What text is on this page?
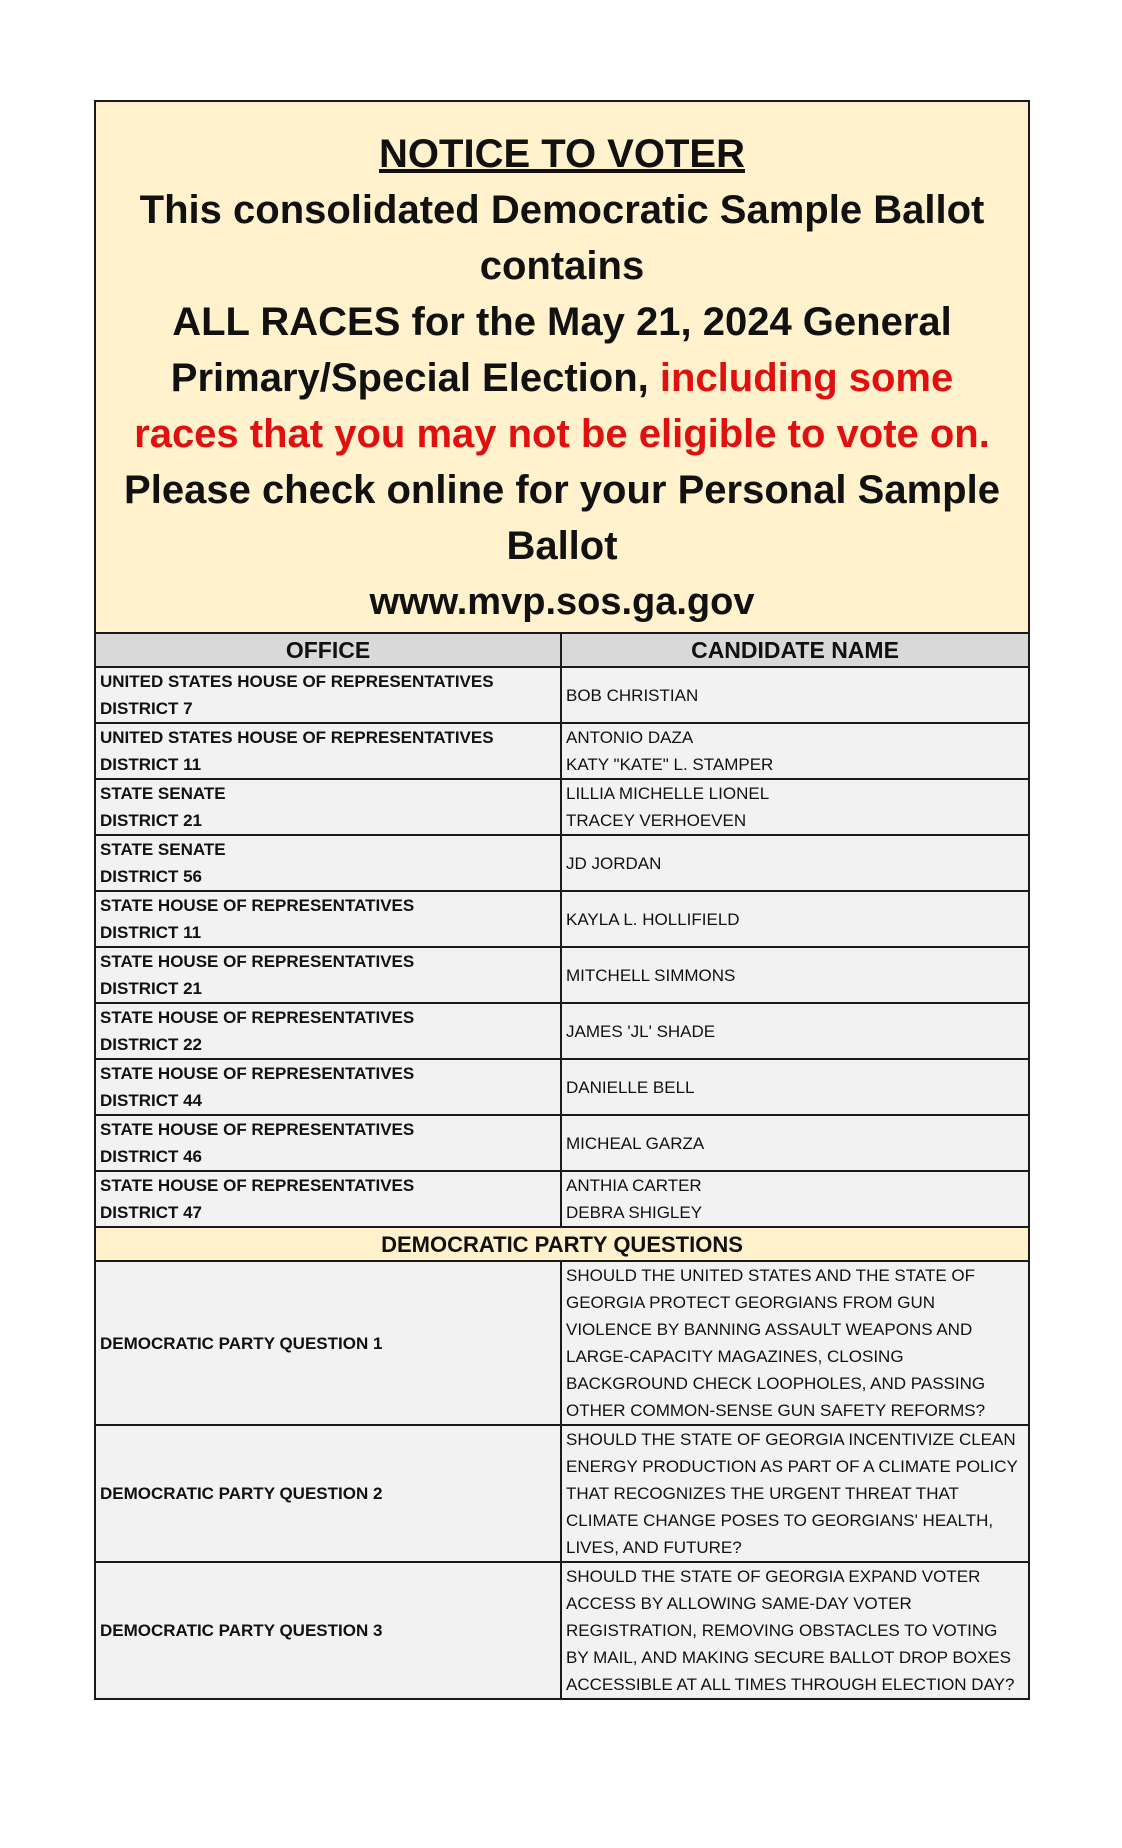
NOTICE TO VOTER
This consolidated Democratic Sample Ballot contains
ALL RACES for the May 21, 2024 General Primary/Special Election, including some races that you may not be eligible to vote on.
Please check online for your Personal Sample Ballot
www.mvp.sos.ga.gov
OFFICE	CANDIDATE NAME

UNITED STATES HOUSE OF REPRESENTATIVES
DISTRICT 7	BOB CHRISTIAN

UNITED STATES HOUSE OF REPRESENTATIVES
DISTRICT 11	ANTONIO DAZA
KATY "KATE" L. STAMPER

STATE SENATE
DISTRICT 21	LILLIA MICHELLE LIONEL
TRACEY VERHOEVEN

STATE SENATE
DISTRICT 56	JD JORDAN

STATE HOUSE OF REPRESENTATIVES
DISTRICT 11	KAYLA L. HOLLIFIELD

STATE HOUSE OF REPRESENTATIVES
DISTRICT 21	MITCHELL SIMMONS

STATE HOUSE OF REPRESENTATIVES
DISTRICT 22	JAMES 'JL' SHADE

STATE HOUSE OF REPRESENTATIVES
DISTRICT 44	DANIELLE BELL

STATE HOUSE OF REPRESENTATIVES
DISTRICT 46	MICHEAL GARZA

STATE HOUSE OF REPRESENTATIVES
DISTRICT 47	ANTHIA CARTER
DEBRA SHIGLEY

DEMOCRATIC PARTY QUESTIONS	
DEMOCRATIC PARTY QUESTION 1	SHOULD THE UNITED STATES AND THE STATE OF GEORGIA PROTECT GEORGIANS FROM GUN VIOLENCE BY BANNING ASSAULT WEAPONS AND LARGE-CAPACITY MAGAZINES, CLOSING BACKGROUND CHECK LOOPHOLES, AND PASSING OTHER COMMON-SENSE GUN SAFETY REFORMS?
DEMOCRATIC PARTY QUESTION 2	SHOULD THE STATE OF GEORGIA INCENTIVIZE CLEAN ENERGY PRODUCTION AS PART OF A CLIMATE POLICY THAT RECOGNIZES THE URGENT THREAT THAT CLIMATE CHANGE POSES TO GEORGIANS' HEALTH, LIVES, AND FUTURE?
DEMOCRATIC PARTY QUESTION 3	SHOULD THE STATE OF GEORGIA EXPAND VOTER ACCESS BY ALLOWING SAME-DAY VOTER REGISTRATION, REMOVING OBSTACLES TO VOTING BY MAIL, AND MAKING SECURE BALLOT DROP BOXES ACCESSIBLE AT ALL TIMES THROUGH ELECTION DAY?
